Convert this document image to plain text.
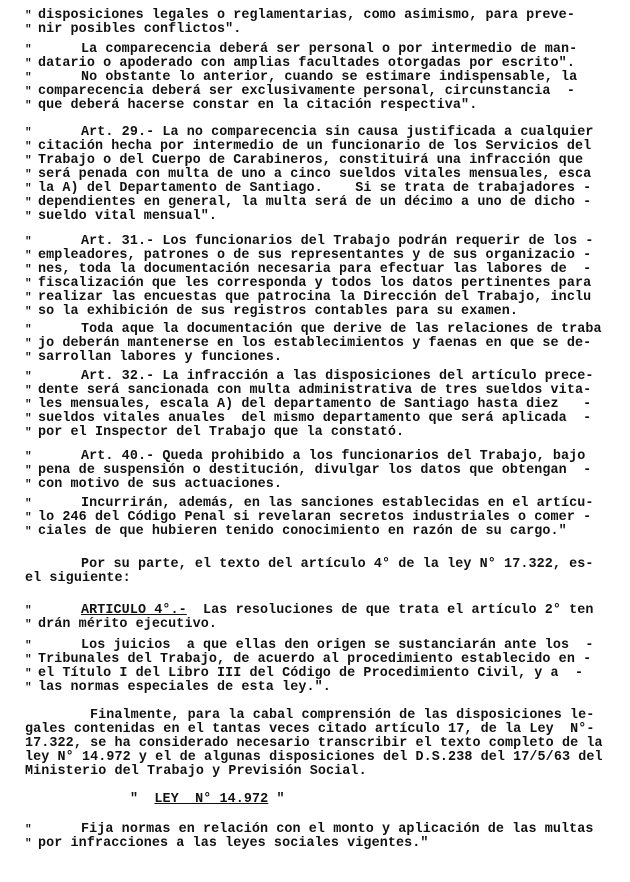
" disposiciones legales o reglamentarias, como asimismo, para preve-
" nir posibles conflictos".
"	La comparecencia deberá ser personal o por intermedio de man-
" datario o apoderado con amplias facultades otorgadas por escrito".
"	No obstante lo anterior, cuando se estimare indispensable, la
" comparecencia deberá ser exclusivamente personal, circunstancia  -
" que deberá hacerse constar en la citación respectiva".
"	Art. 29.- La no comparecencia sin causa justificada a cualquier
" citación hecha por intermedio de un funcionario de los Servicios del
" Trabajo o del Cuerpo de Carabineros, constituirá una infracción que
" será penada con multa de uno a cinco sueldos vitales mensuales, esca
" la A) del Departamento de Santiago.    Si se trata de trabajadores -
" dependientes en general, la multa será de un décimo a uno de dicho -
" sueldo vital mensual".
"	Art. 31.- Los funcionarios del Trabajo podrán requerir de los -
" empleadores, patrones o de sus representantes y de sus organizacio -
" nes, toda la documentación necesaria para efectuar las labores de  -
" fiscalización que les corresponda y todos los datos pertinentes para
" realizar las encuestas que patrocina la Dirección del Trabajo, inclu
" so la exhibición de sus registros contables para su examen.
"	Toda aque la documentación que derive de las relaciones de traba
" jo deberán mantenerse en los establecimientos y faenas en que se de-
" sarrollan labores y funciones.
"	Art. 32.- La infracción a las disposiciones del artículo prece-
" dente será sancionada con multa administrativa de tres sueldos vita-
" les mensuales, escala A) del departamento de Santiago hasta diez   -
" sueldos vitales anuales  del mismo departamento que será aplicada  -
" por el Inspector del Trabajo que la constató.
"	Art. 40.- Queda prohibido a los funcionarios del Trabajo, bajo
" pena de suspensión o destitución, divulgar los datos que obtengan  -
" con motivo de sus actuaciones.
"	Incurrirán, además, en las sanciones establecidas en el artícu-
" lo 246 del Código Penal si revelaran secretos industriales o comer -
" ciales de que hubieren tenido conocimiento en razón de su cargo."
Por su parte, el texto del artículo 4° de la ley N° 17.322, es-
el siguiente:
"	ARTICULO 4°.-  Las resoluciones de que trata el artículo 2° ten
" drán mérito ejecutivo.
"	Los juicios  a que ellas den origen se sustanciarán ante los  -
" Tribunales del Trabajo, de acuerdo al procedimiento establecido en -
" el Título I del Libro III del Código de Procedimiento Civil, y a  -
" las normas especiales de esta ley.".
Finalmente, para la cabal comprensión de las disposiciones le-
gales contenidas en el tantas veces citado artículo 17, de la Ley  N°-
17.322, se ha considerado necesario transcribir el texto completo de la
ley N° 14.972 y el de algunas disposiciones del D.S.238 del 17/5/63 del
Ministerio del Trabajo y Previsión Social.
"  LEY  N° 14.972 "
"	Fija normas en relación con el monto y aplicación de las multas
" por infracciones a las leyes sociales vigentes."
